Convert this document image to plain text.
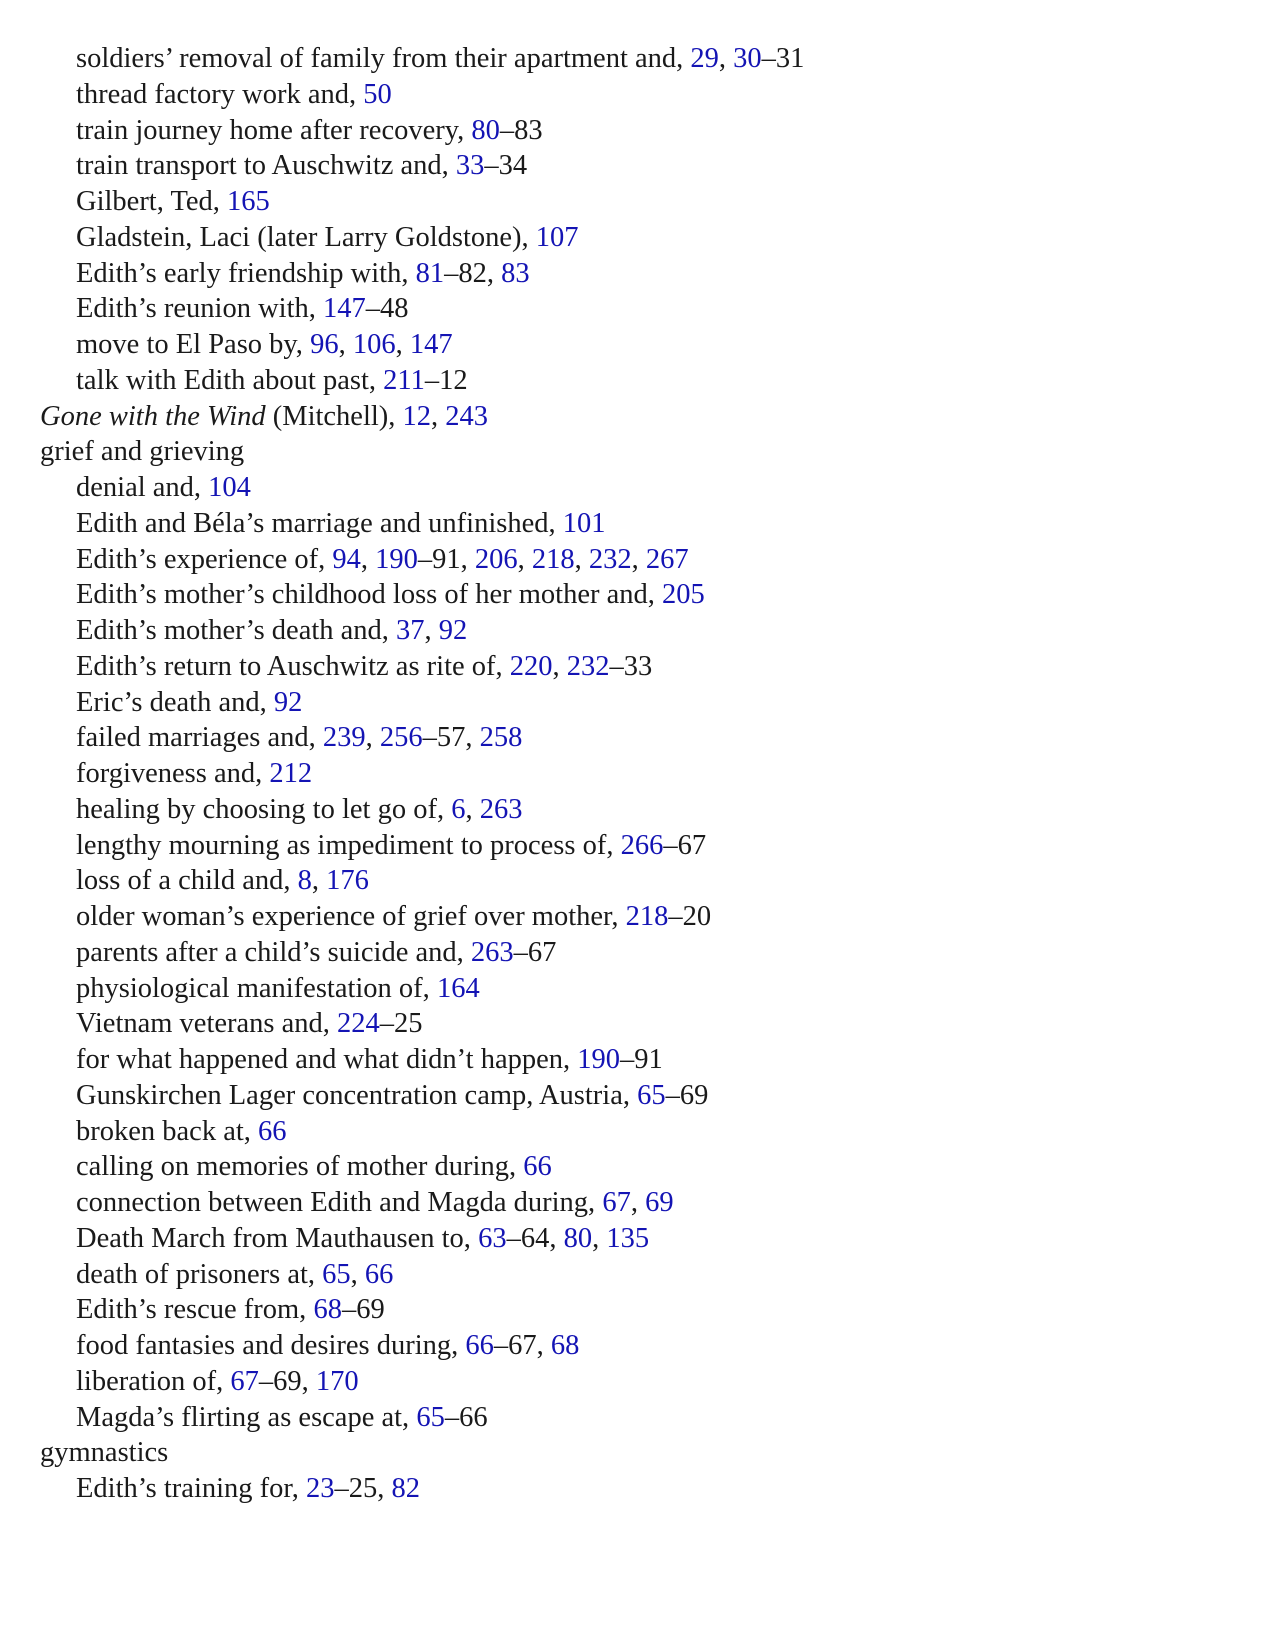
soldiers’ removal of family from their apartment and, 29, 30–31
thread factory work and, 50
train journey home after recovery, 80–83
train transport to Auschwitz and, 33–34
Gilbert, Ted, 165
Gladstein, Laci (later Larry Goldstone), 107
Edith’s early friendship with, 81–82, 83
Edith’s reunion with, 147–48
move to El Paso by, 96, 106, 147
talk with Edith about past, 211–12
Gone with the Wind (Mitchell), 12, 243
grief and grieving
denial and, 104
Edith and Béla’s marriage and unfinished, 101
Edith’s experience of, 94, 190–91, 206, 218, 232, 267
Edith’s mother’s childhood loss of her mother and, 205
Edith’s mother’s death and, 37, 92
Edith’s return to Auschwitz as rite of, 220, 232–33
Eric’s death and, 92
failed marriages and, 239, 256–57, 258
forgiveness and, 212
healing by choosing to let go of, 6, 263
lengthy mourning as impediment to process of, 266–67
loss of a child and, 8, 176
older woman’s experience of grief over mother, 218–20
parents after a child’s suicide and, 263–67
physiological manifestation of, 164
Vietnam veterans and, 224–25
for what happened and what didn’t happen, 190–91
Gunskirchen Lager concentration camp, Austria, 65–69
broken back at, 66
calling on memories of mother during, 66
connection between Edith and Magda during, 67, 69
Death March from Mauthausen to, 63–64, 80, 135
death of prisoners at, 65, 66
Edith’s rescue from, 68–69
food fantasies and desires during, 66–67, 68
liberation of, 67–69, 170
Magda’s flirting as escape at, 65–66
gymnastics
Edith’s training for, 23–25, 82
